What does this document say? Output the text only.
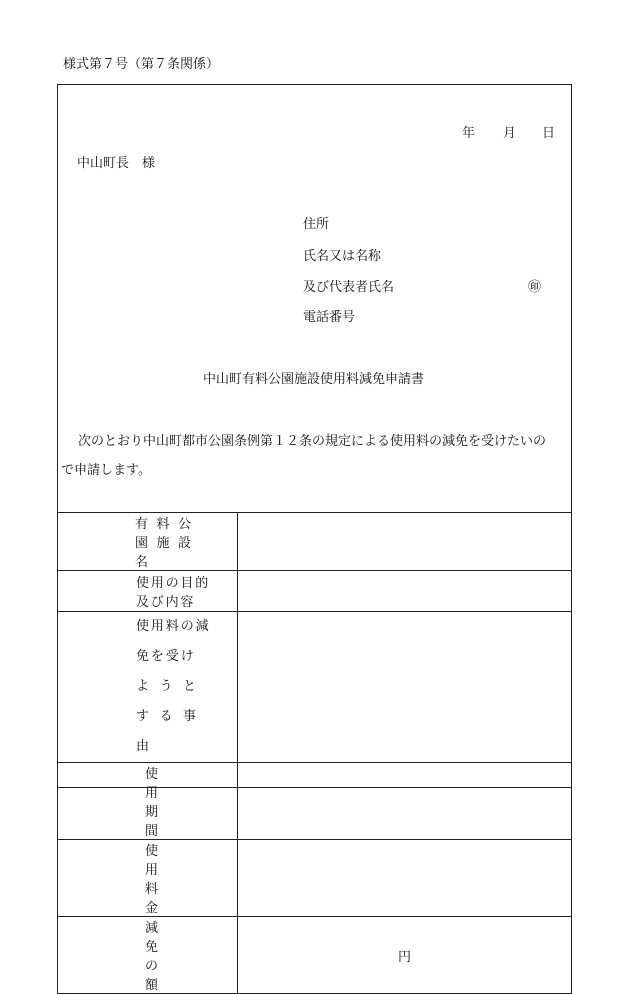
様式第７号（第７条関係）
年 月 日
中山町長　様
住所
氏名又は名称
及び代表者氏名	㊞
電話番号
中山町有料公園施設使用料減免申請書
次のとおり中山町都市公園条例第１２条の規定による使用料の減免を受けたいの
で申請します。
有料公園施設名	

使用の目的及び内容	

使用料の減免を受け
ようとする事由	

使用期間	

使用料金	

減免の額	円
